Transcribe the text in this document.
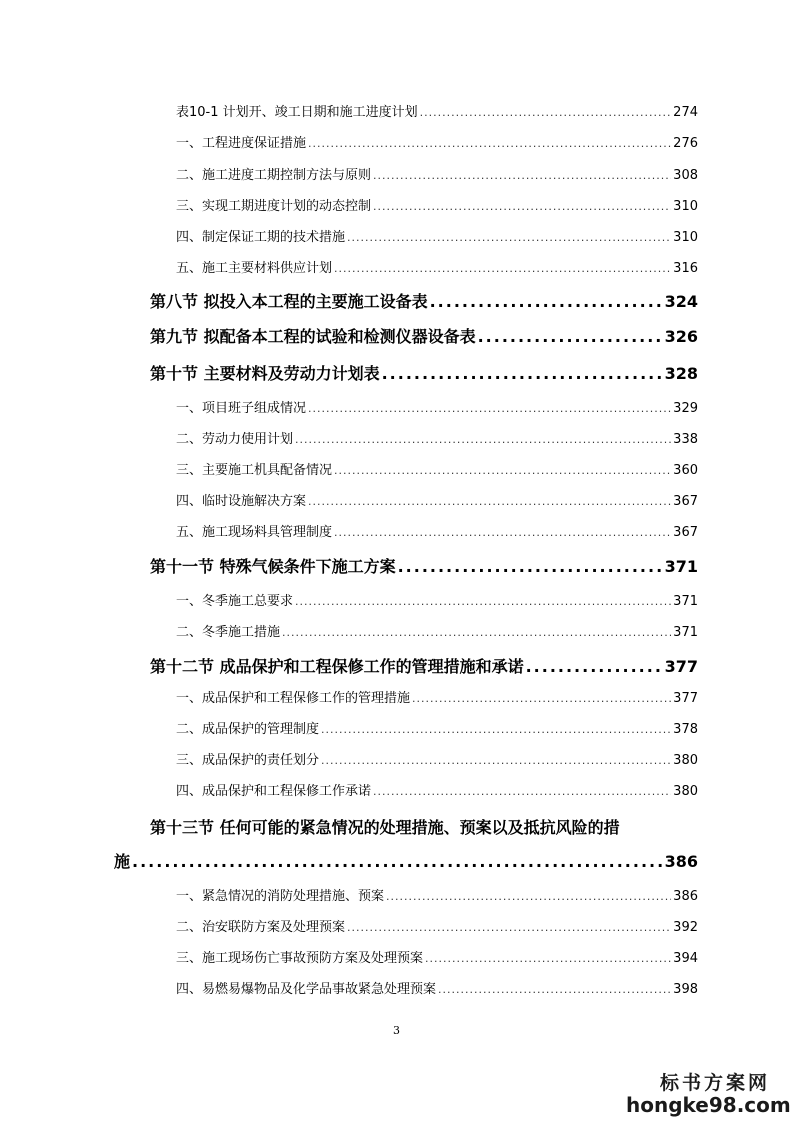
表10-1 计划开、竣工日期和施工进度计划 .....	274
一、工程进度保证措施 .....	276
二、施工进度工期控制方法与原则 .....	308
三、实现工期进度计划的动态控制 .....	310
四、制定保证工期的技术措施 .....	310
五、施工主要材料供应计划 .....	316
第八节 拟投入本工程的主要施工设备表 .....	324
第九节 拟配备本工程的试验和检测仪器设备表 .....	326
第十节 主要材料及劳动力计划表 .....	328
一、项目班子组成情况 .....	329
二、劳动力使用计划 .....	338
三、主要施工机具配备情况 .....	360
四、临时设施解决方案 .....	367
五、施工现场料具管理制度 .....	367
第十一节 特殊气候条件下施工方案 .....	371
一、冬季施工总要求 .....	371
二、冬季施工措施 .....	371
第十二节 成品保护和工程保修工作的管理措施和承诺 .....	377
一、成品保护和工程保修工作的管理措施 .....	377
二、成品保护的管理制度 .....	378
三、成品保护的责任划分 .....	380
四、成品保护和工程保修工作承诺 .....	380
第十三节 任何可能的紧急情况的处理措施、预案以及抵抗风险的措
施 .....	386
一、紧急情况的消防处理措施、预案 .....	386
二、治安联防方案及处理预案 .....	392
三、施工现场伤亡事故预防方案及处理预案 .....	394
四、易燃易爆物品及化学品事故紧急处理预案 .....	398
3
标书方案网
hongke98.com
